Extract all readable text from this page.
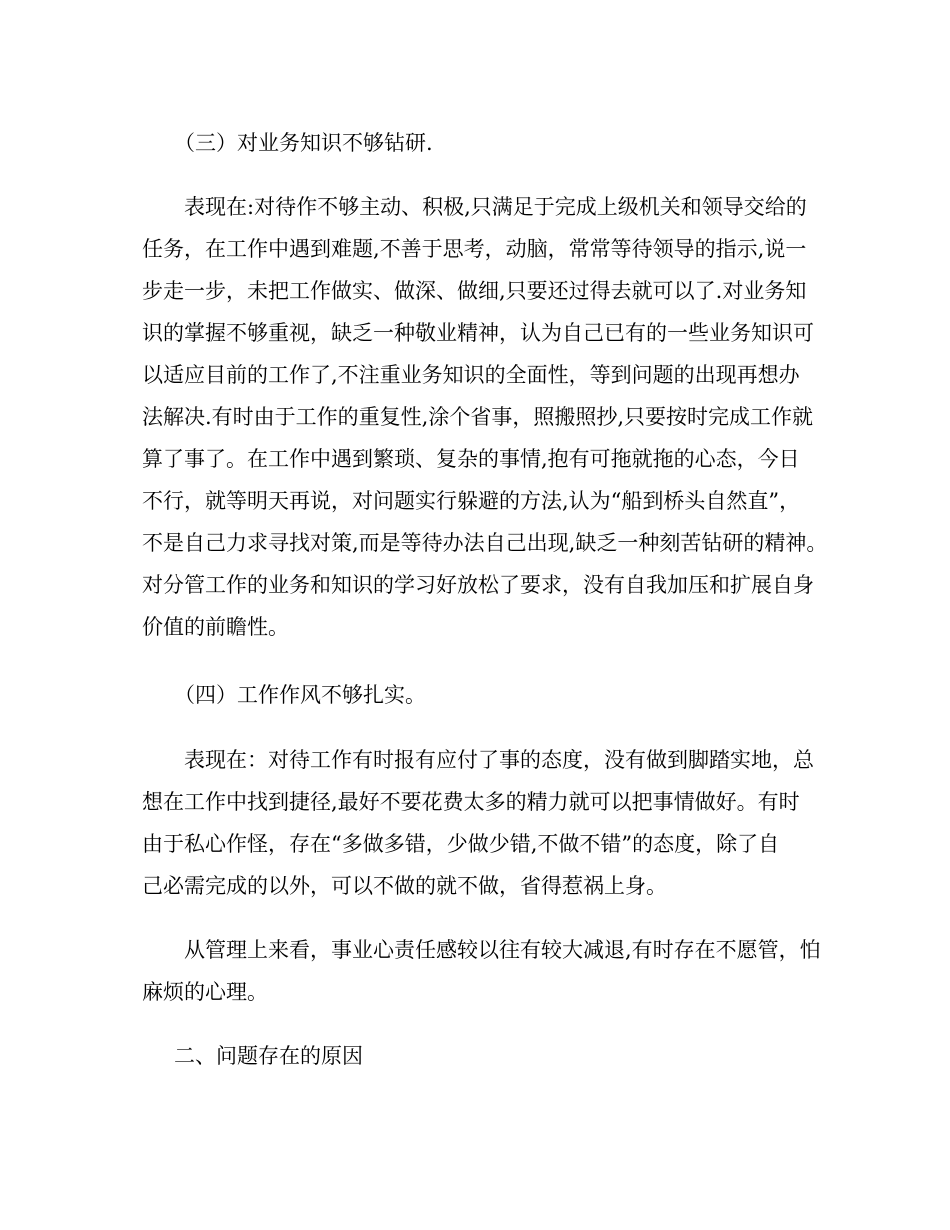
（三）对业务知识不够钻研.

　　表现在:对待作不够主动、积极,只满足于完成上级机关和领导交给的

任务，在工作中遇到难题,不善于思考，动脑，常常等待领导的指示,说一

步走一步，未把工作做实、做深、做细,只要还过得去就可以了.对业务知

识的掌握不够重视，缺乏一种敬业精神，认为自己已有的一些业务知识可

以适应目前的工作了,不注重业务知识的全面性，等到问题的出现再想办

法解决.有时由于工作的重复性,涂个省事，照搬照抄,只要按时完成工作就

算了事了。在工作中遇到繁琐、复杂的事情,抱有可拖就拖的心态，今日

不行，就等明天再说，对问题实行躲避的方法,认为“船到桥头自然直”，

不是自己力求寻找对策,而是等待办法自己出现,缺乏一种刻苦钻研的精神。

对分管工作的业务和知识的学习好放松了要求，没有自我加压和扩展自身

价值的前瞻性。

（四）工作作风不够扎实。

　　表现在：对待工作有时报有应付了事的态度，没有做到脚踏实地，总

想在工作中找到捷径,最好不要花费太多的精力就可以把事情做好。有时

由于私心作怪，存在“多做多错，少做少错,不做不错”的态度，除了自

己必需完成的以外，可以不做的就不做，省得惹祸上身。

　　从管理上来看，事业心责任感较以往有较大减退,有时存在不愿管，怕

麻烦的心理。

二、问题存在的原因
